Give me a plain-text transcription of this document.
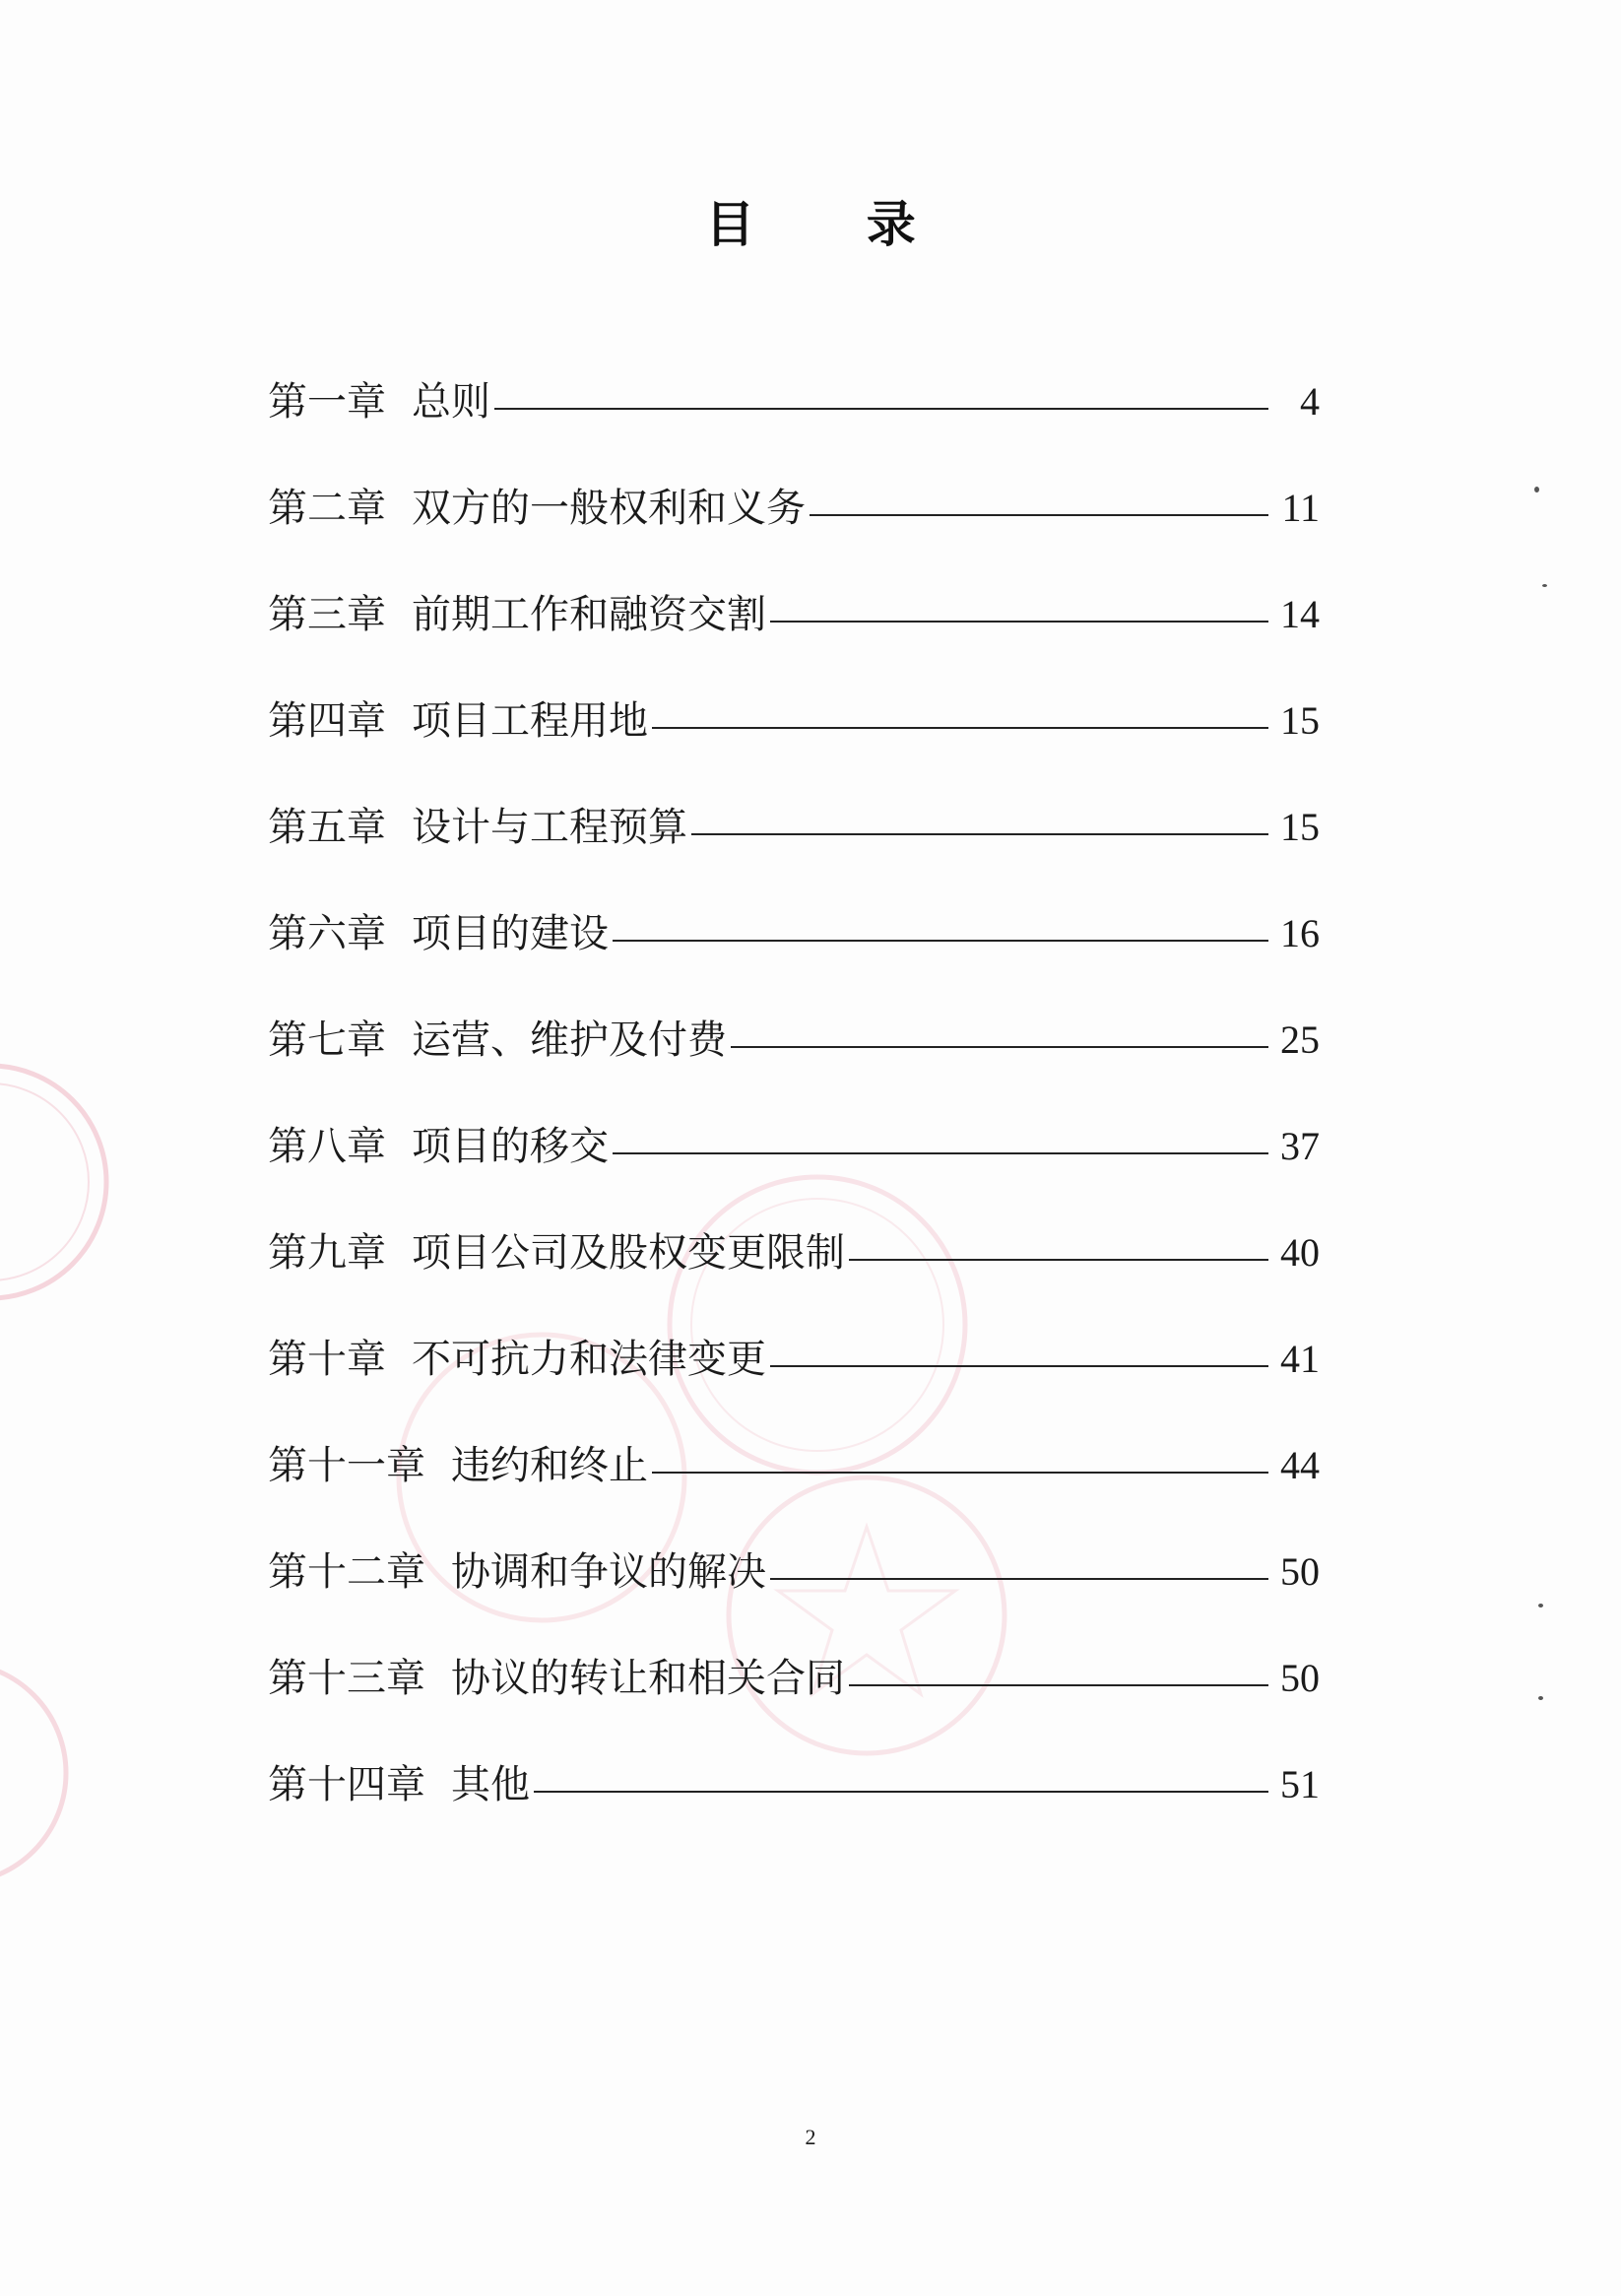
目 录
第一章 总则	4
第二章 双方的一般权利和义务	11
第三章 前期工作和融资交割	14
第四章 项目工程用地	15
第五章 设计与工程预算	15
第六章 项目的建设	16
第七章 运营、维护及付费	25
第八章 项目的移交	37
第九章 项目公司及股权变更限制	40
第十章 不可抗力和法律变更	41
第十一章 违约和终止	44
第十二章 协调和争议的解决	50
第十三章 协议的转让和相关合同	50
第十四章 其他	51
2
